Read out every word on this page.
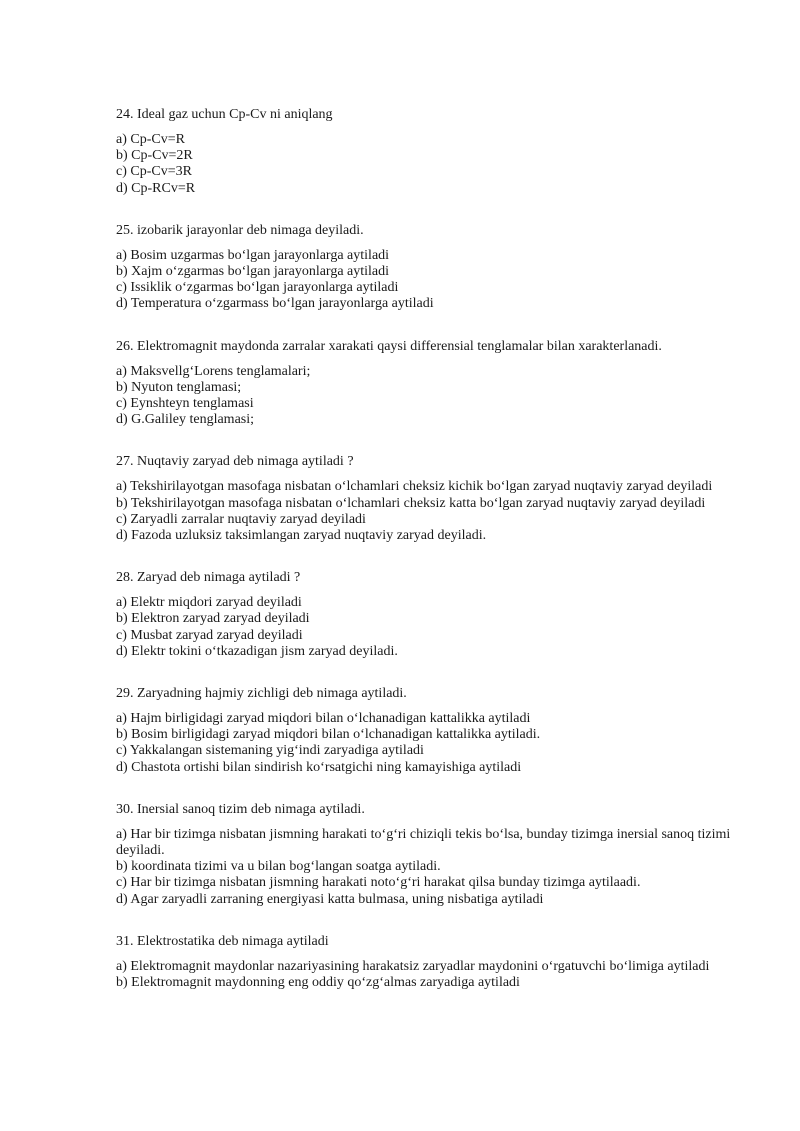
24. Ideal gaz uchun Cp-Cv ni aniqlang

a) Cp-Cv=R
b) Cp-Cv=2R
c) Cp-Cv=3R
d) Cp-RCv=R

25. izobarik jarayonlar deb nimaga deyiladi.

a) Bosim uzgarmas bo‘lgan jarayonlarga aytiladi
b) Xajm o‘zgarmas bo‘lgan jarayonlarga aytiladi
c) Issiklik o‘zgarmas bo‘lgan jarayonlarga aytiladi
d) Temperatura o‘zgarmass bo‘lgan jarayonlarga aytiladi

26. Elektromagnit maydonda zarralar xarakati qaysi differensial tenglamalar bilan xarakterlanadi.

a) Maksvellg‘Lorens tenglamalari;
b) Nyuton tenglamasi;
c) Eynshteyn tenglamasi
d) G.Galiley tenglamasi;

27. Nuqtaviy zaryad deb nimaga aytiladi ?

a) Tekshirilayotgan masofaga nisbatan o‘lchamlari cheksiz kichik bo‘lgan zaryad nuqtaviy zaryad deyiladi
b) Tekshirilayotgan masofaga nisbatan o‘lchamlari cheksiz katta bo‘lgan zaryad nuqtaviy zaryad deyiladi
c) Zaryadli zarralar nuqtaviy zaryad deyiladi
d) Fazoda uzluksiz taksimlangan zaryad nuqtaviy zaryad deyiladi.

28. Zaryad deb nimaga aytiladi ?

a) Elektr miqdori zaryad deyiladi
b) Elektron zaryad zaryad deyiladi
c) Musbat zaryad zaryad deyiladi
d) Elektr tokini o‘tkazadigan jism zaryad deyiladi.

29. Zaryadning hajmiy zichligi deb nimaga aytiladi.

a) Hajm birligidagi zaryad miqdori bilan o‘lchanadigan kattalikka aytiladi
b) Bosim birligidagi zaryad miqdori bilan o‘lchanadigan kattalikka aytiladi.
c) Yakkalangan sistemaning yig‘indi zaryadiga aytiladi
d) Chastota ortishi bilan sindirish ko‘rsatgichi ning kamayishiga aytiladi

30. Inersial sanoq tizim deb nimaga aytiladi.

a) Har bir tizimga nisbatan jismning harakati to‘g‘ri chiziqli tekis bo‘lsa, bunday tizimga inersial sanoq tizimi deyiladi.
b) koordinata tizimi va u bilan bog‘langan soatga aytiladi.
c) Har bir tizimga nisbatan jismning harakati noto‘g‘ri harakat qilsa bunday tizimga aytilaadi.
d) Agar zaryadli zarraning energiyasi katta bulmasa, uning nisbatiga aytiladi

31. Elektrostatika deb nimaga aytiladi

a) Elektromagnit maydonlar nazariyasining harakatsiz zaryadlar maydonini o‘rgatuvchi bo‘limiga aytiladi
b) Elektromagnit maydonning eng oddiy qo‘zg‘almas zaryadiga aytiladi
